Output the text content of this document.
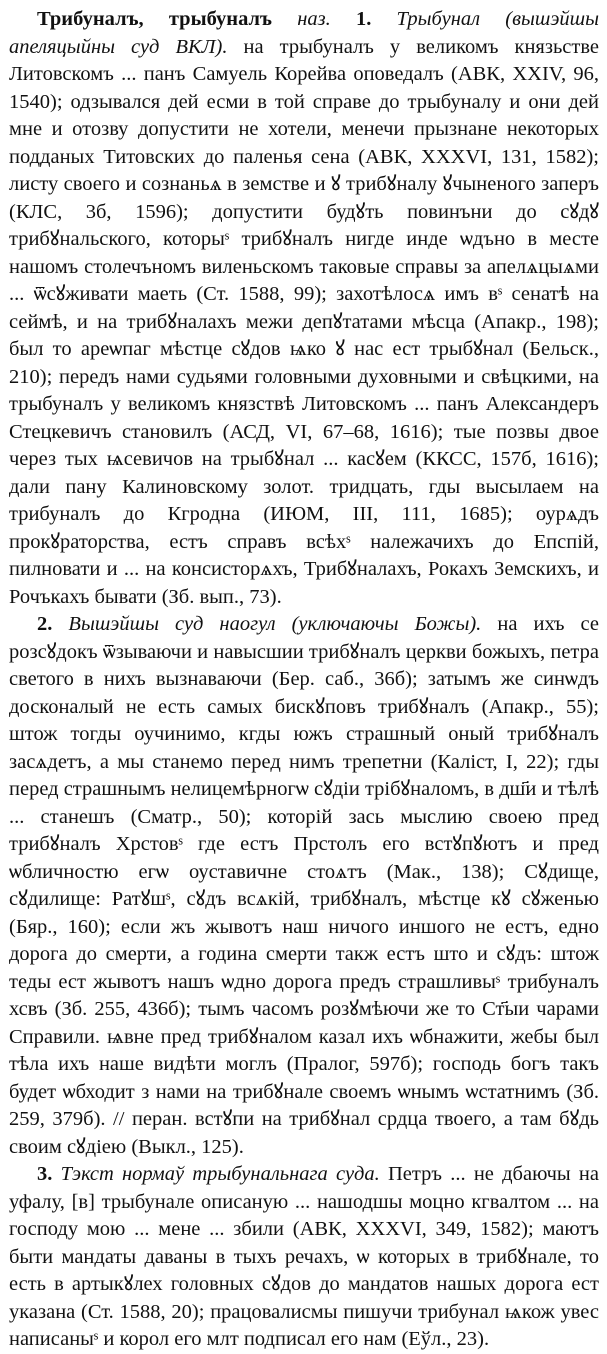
Трибуналъ, трыбуналъ наз. 1. Трыбунал (вышэйшы апеляцыйны суд ВКЛ). на трыбуналъ у великомъ князьстве Литовскомъ ... панъ Самуель Корейва оповедалъ (АВК, XXIV, 96, 1540); одзывался дей есми в той справе до трыбуналу и они дей мне и отозву допустити не хотели, менечи прызнане некоторых подданых Титовских до паленья сена (АВК, XXXVI, 131, 1582); листу своего и сознаньѧ в земстве и ꙋ трибꙋналу ꙋчыненого заперъ (КЛС, 3б, 1596); допустити будꙋть повинъни до сꙋдꙋ трибꙋнальского, которыˢ трибꙋналъ нигде инде ѡдъно в месте нашомъ столечъномъ виленьскомъ таковые справы за апелѧцыѧми ... ѿсꙋживати маеть (Ст. 1588, 99); захотѣлосѧ имъ вˢ сенатѣ на сеймѣ, и на трибꙋналахъ межи депꙋтатами мѣсца (Апакр., 198); был то ареѡпаг мѣстце сꙋдов ѩко ꙋ нас ест трыбꙋнал (Бельск., 210); передъ нами судьями головными духовными и свѣцкими, на трыбуналъ у великомъ князствѣ Литовскомъ ... панъ Александеръ Стецкевичъ становилъ (АСД, VI, 67–68, 1616); тые позвы двое через тых ѩсевичов на трыбꙋнал ... касꙋем (ККСС, 157б, 1616); дали пану Калиновскому золот. тридцать, гды высылаем на трибуналъ до Кгродна (ИЮМ, III, 111, 1685); оурѧдъ прокꙋраторства, естъ справъ всѣхˢ належачихъ до Епспій, пилновати и ... на консисторѧхъ, Трибꙋналахъ, Рокахъ Земскихъ, и Рочъкахъ бывати (Зб. вып., 73).

2. Вышэйшы суд наогул (уключаючы Божы). на ихъ се розсꙋдокъ ѿзываючи и навысшии трибꙋналъ церкви божыхъ, петра светого в нихъ вызнаваючи (Бер. саб., 36б); затымъ же синѡдъ досконалый не есть самых бискꙋповъ трибꙋналъ (Апакр., 55); штож тогды оучинимо, кгды южъ страшный оный трибꙋналъ засѧдетъ, а мы станемо перед нимъ трепетни (Каліст, I, 22); гды перед страшнымъ нелицемѣрногѡ сꙋдіи трібꙋналомъ, в дш҃и и тѣлѣ ... станешъ (Сматр., 50); которій зась мыслию своею пред трибꙋналъ Хрстовˢ где естъ Прстолъ его встꙋпꙋютъ и пред ѡбличностю егѡ оуставичне стоѧтъ (Мак., 138); Сꙋдище, сꙋдилище: Ратꙋшˢ, сꙋдъ всѧкій, трибꙋналъ, мѣстце кꙋ сꙋженью (Бяр., 160); если жъ жывотъ наш ничого иншого не естъ, едно дорога до смерти, а година смерти такж естъ што и сꙋдъ: штож теды ест жывотъ нашъ ѡдно дорога предъ страшливыˢ трибуналъ хсвъ (Зб. 255, 436б); тымъ часомъ розꙋмѣючи же то Ст҃ыи чарами Справили. ѩвне пред трибꙋналом казал ихъ ѡбнажити, жебы был тѣла ихъ наше видѣти моглъ (Пралог, 597б); господь богъ такъ будет ѡбходит з нами на трибꙋнале своемъ ѡнымъ ѡстатнимъ (Зб. 259, 379б). // перан. встꙋпи на трибꙋнал срдца твоего, а там бꙋдь своим сꙋдіею (Выкл., 125).

3. Тэкст нормаў трыбунальнага суда. Петръ ... не дбаючы на уфалу, [в] трыбунале описаную ... нашодшы моцно кгвалтом ... на господу мою ... мене ... збили (АВК, XXXVI, 349, 1582); маютъ быти мандаты даваны в тыхъ речахъ, ѡ которых в трибꙋнале, то есть в артыкꙋлех головных сꙋдов до мандатов нашых дорога ест указана (Ст. 1588, 20); працовалисмы пишучи трибунал ѩкож увес написаныˢ и корол его млт подписал его нам (Еўл., 23).
